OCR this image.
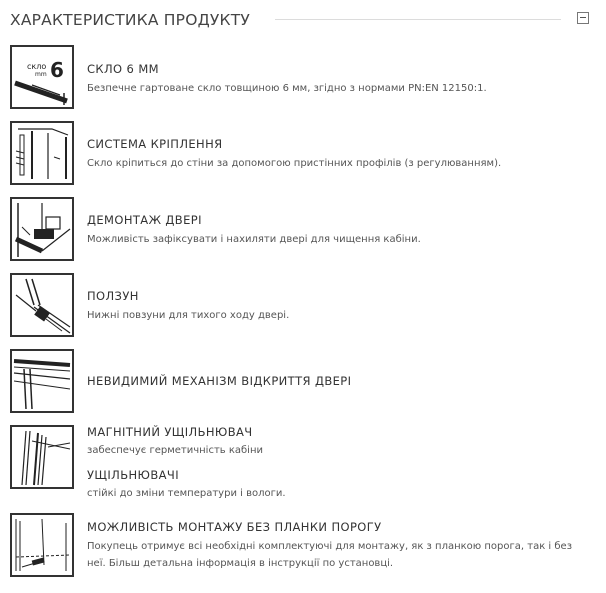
ХАРАКТЕРИСТИКА ПРОДУКТУ
скло
mm 6 СКЛО 6 ММ
Безпечне гартоване скло товщиною 6 мм, згідно з нормами PN:EN 12150:1.
СИСТЕМА КРІПЛЕННЯ
Скло кріпиться до стіни за допомогою пристінних профілів (з регулюванням).
ДЕМОНТАЖ ДВЕРІ
Можливість зафіксувати і нахиляти двері для чищення кабіни.
ПОЛЗУН
Нижні повзуни для тихого ходу дверi.
НЕВИДИМИЙ МЕХАНІЗМ ВІДКРИТТЯ ДВЕРІ
МАГНІТНИЙ УЩІЛЬНЮВАЧ
забеспечує герметичність кабіни
УЩІЛЬНЮВАЧІ
стійкі до зміни температури і вологи.
МОЖЛИВІСТЬ МОНТАЖУ БЕЗ ПЛАНКИ ПОРОГУ
Покупець отримує всі необхідні комплектуючі для монтажу, як з планкою порога, так і без неї. Більш детальна інформація в інструкції по установці.
